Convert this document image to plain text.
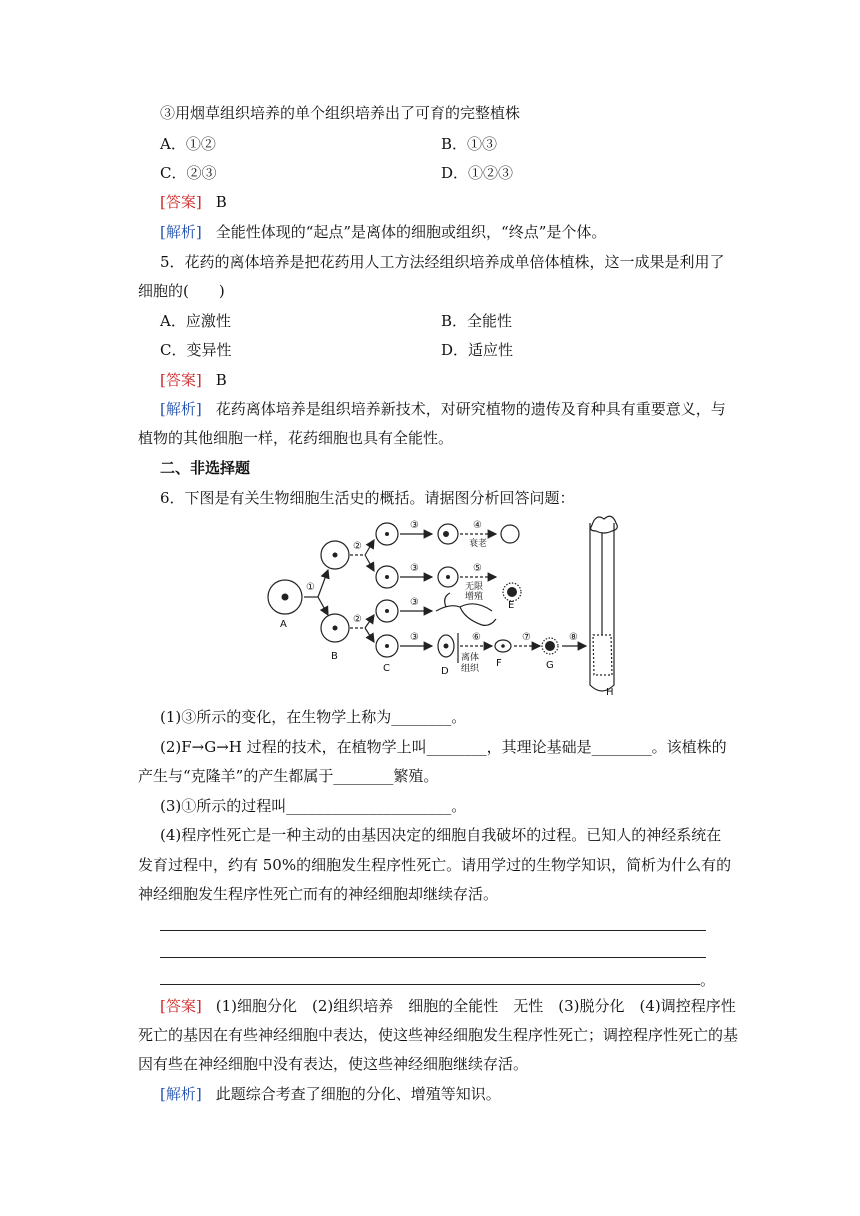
③用烟草组织培养的单个组织培养出了可育的完整植株
A．①②	B．①③
C．②③	D．①②③
[答案] B
[解析] 全能性体现的“起点”是离体的细胞或组织，“终点”是个体。
5．花药的离体培养是把花药用人工方法经组织培养成单倍体植株，这一成果是利用了
细胞的(　　)
A．应激性	B．全能性
C．变异性	D．适应性
[答案] B
[解析] 花药离体培养是组织培养新技术，对研究植物的遗传及育种具有重要意义，与
植物的其他细胞一样，花药细胞也具有全能性。
二、非选择题
6．下图是有关生物细胞生活史的概括。请据图分析回答问题：
A
B
C	D
E
F	G
H
①
②
②
③
③
③
③
④
衰老
⑤
无限
增殖
⑥
离体
组织
⑦	⑧
(1)③所示的变化，在生物学上称为________。
(2)F→G→H 过程的技术，在植物学上叫________，其理论基础是________。该植株的
产生与“克隆羊”的产生都属于________繁殖。
(3)①所示的过程叫______________________。
(4)程序性死亡是一种主动的由基因决定的细胞自我破坏的过程。已知人的神经系统在
发育过程中，约有 50%的细胞发生程序性死亡。请用学过的生物学知识，简析为什么有的
神经细胞发生程序性死亡而有的神经细胞却继续存活。
。
[答案] (1)细胞分化　(2)组织培养　细胞的全能性　无性　(3)脱分化　(4)调控程序性
死亡的基因在有些神经细胞中表达，使这些神经细胞发生程序性死亡；调控程序性死亡的基
因有些在神经细胞中没有表达，使这些神经细胞继续存活。
[解析] 此题综合考查了细胞的分化、增殖等知识。
